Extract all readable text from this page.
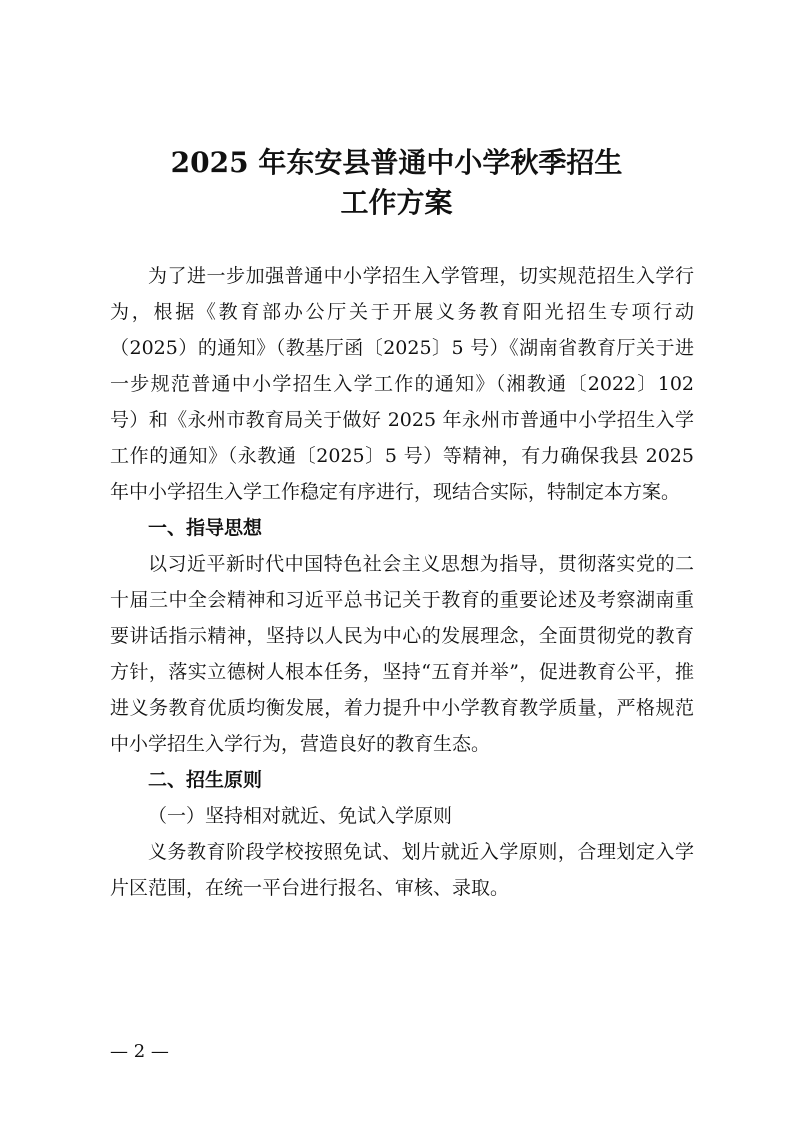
2025 年东安县普通中小学秋季招生
工作方案

为了进一步加强普通中小学招生入学管理，切实规范招生入学行为，根据《教育部办公厅关于开展义务教育阳光招生专项行动（2025）的通知》（教基厅函〔2025〕5 号）《湖南省教育厅关于进一步规范普通中小学招生入学工作的通知》（湘教通〔2022〕102 号）和《永州市教育局关于做好 2025 年永州市普通中小学招生入学工作的通知》（永教通〔2025〕5 号）等精神，有力确保我县 2025 年中小学招生入学工作稳定有序进行，现结合实际，特制定本方案。

一、指导思想

以习近平新时代中国特色社会主义思想为指导，贯彻落实党的二十届三中全会精神和习近平总书记关于教育的重要论述及考察湖南重要讲话指示精神，坚持以人民为中心的发展理念，全面贯彻党的教育方针，落实立德树人根本任务，坚持“五育并举”，促进教育公平，推进义务教育优质均衡发展，着力提升中小学教育教学质量，严格规范中小学招生入学行为，营造良好的教育生态。

二、招生原则

（一）坚持相对就近、免试入学原则

义务教育阶段学校按照免试、划片就近入学原则，合理划定入学片区范围，在统一平台进行报名、审核、录取。

— 2 —
